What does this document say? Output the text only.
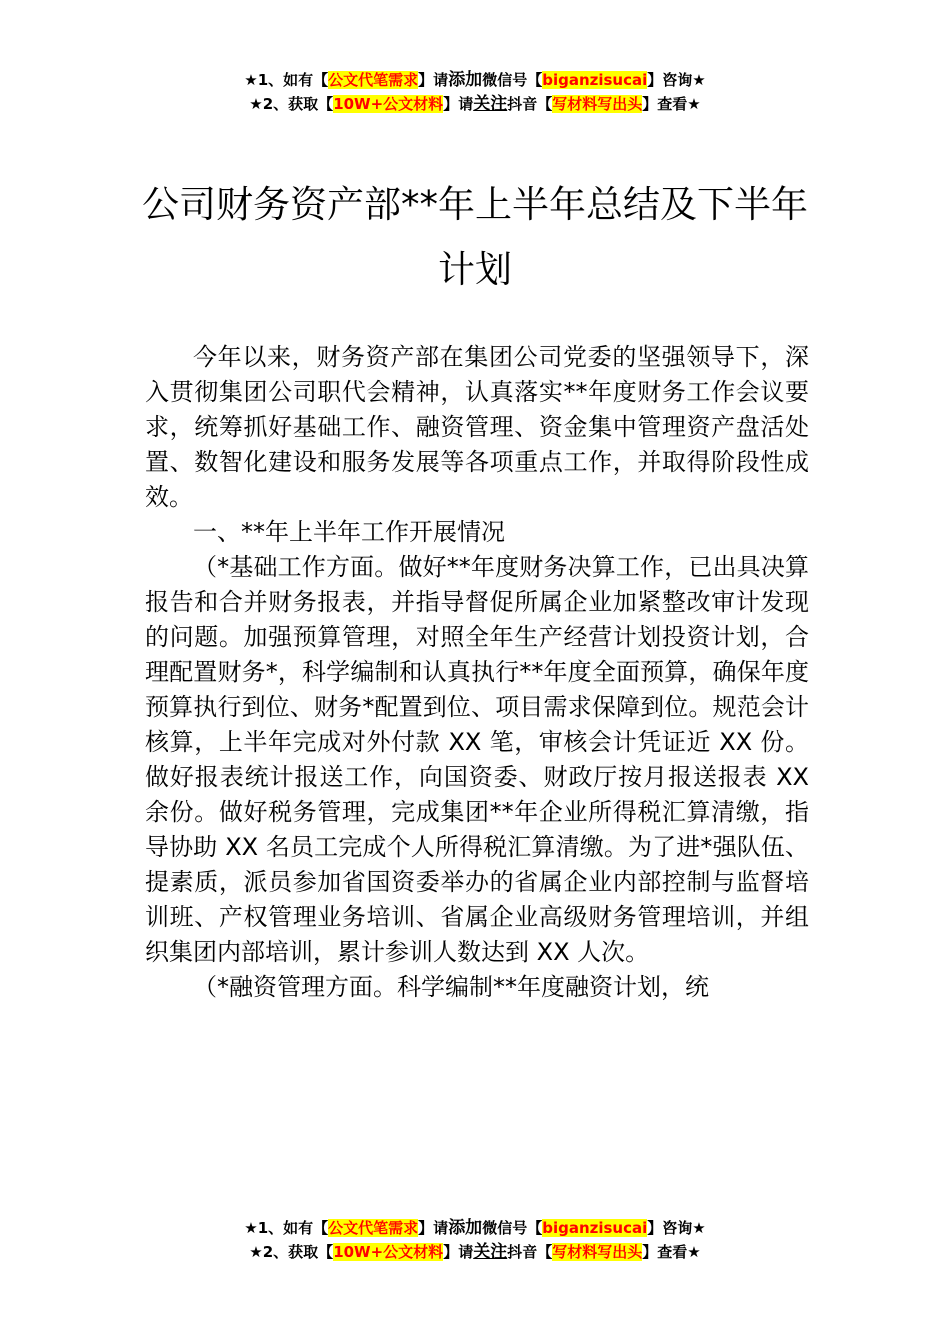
★1、如有【公文代笔需求】请添加微信号【biganzisucai】咨询★
★2、获取【10W+公文材料】请关注抖音【写材料写出头】查看★
公司财务资产部**年上半年总结及下半年
计划

今年以来，财务资产部在集团公司党委的坚强领导下，深入贯彻集团公司职代会精神，认真落实**年度财务工作会议要求，统筹抓好基础工作、融资管理、资金集中管理资产盘活处置、数智化建设和服务发展等各项重点工作，并取得阶段性成效。

一、**年上半年工作开展情况

（*基础工作方面。做好**年度财务决算工作，已出具决算报告和合并财务报表，并指导督促所属企业加紧整改审计发现的问题。加强预算管理，对照全年生产经营计划投资计划，合理配置财务*，科学编制和认真执行**年度全面预算，确保年度预算执行到位、财务*配置到位、项目需求保障到位。规范会计核算，上半年完成对外付款 XX 笔，审核会计凭证近 XX 份。做好报表统计报送工作，向国资委、财政厅按月报送报表 XX 余份。做好税务管理，完成集团**年企业所得税汇算清缴，指导协助 XX 名员工完成个人所得税汇算清缴。为了进*强队伍、提素质，派员参加省国资委举办的省属企业内部控制与监督培训班、产权管理业务培训、省属企业高级财务管理培训，并组织集团内部培训，累计参训人数达到 XX 人次。

（*融资管理方面。科学编制**年度融资计划，统

★1、如有【公文代笔需求】请添加微信号【biganzisucai】咨询★
★2、获取【10W+公文材料】请关注抖音【写材料写出头】查看★
